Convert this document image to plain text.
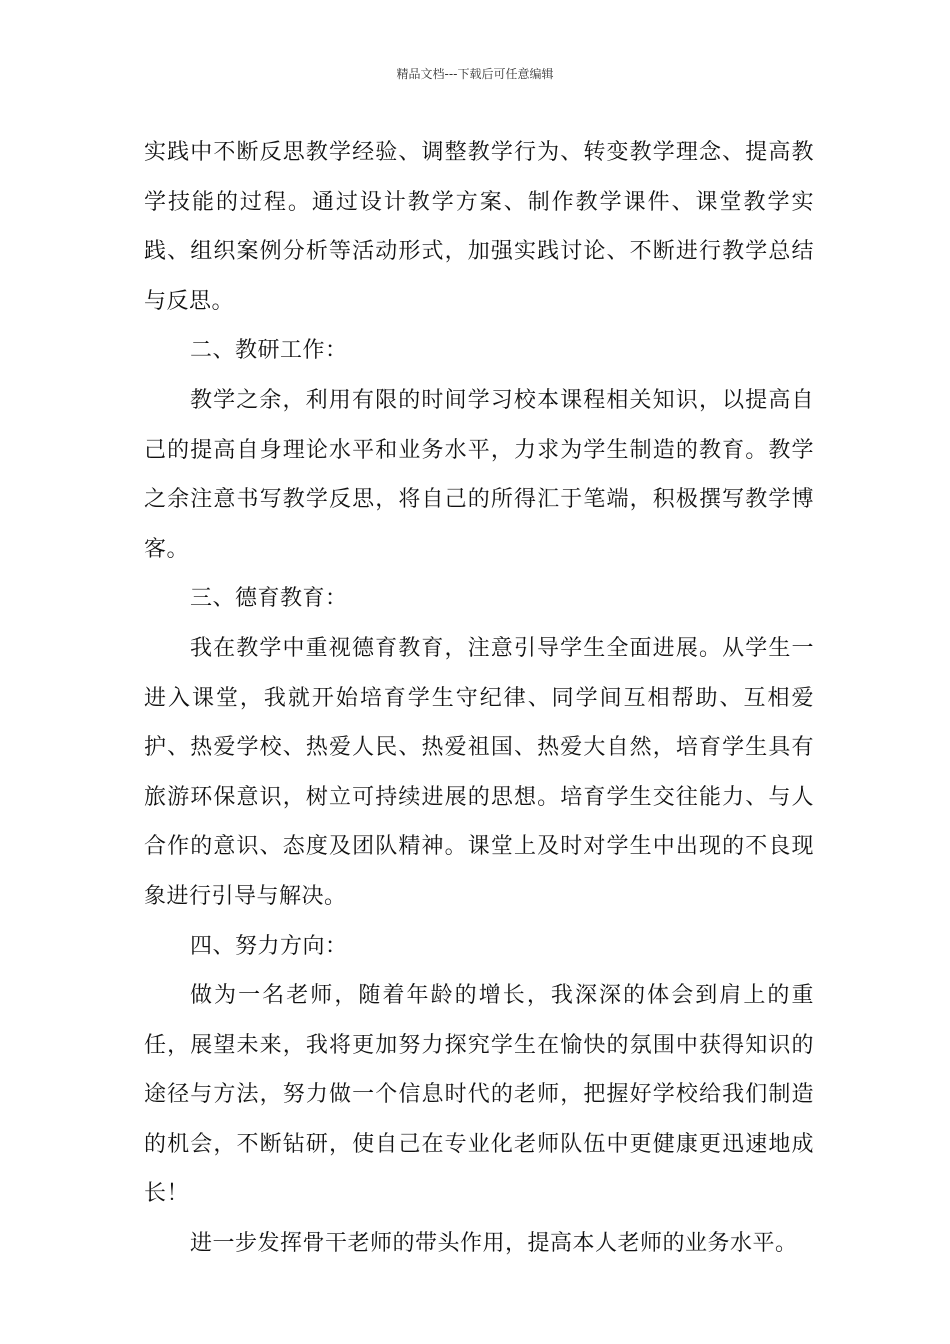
精品文档---下载后可任意编辑

实践中不断反思教学经验、调整教学行为、转变教学理念、提高教学技能的过程。通过设计教学方案、制作教学课件、课堂教学实践、组织案例分析等活动形式，加强实践讨论、不断进行教学总结与反思。

二、教研工作：

教学之余，利用有限的时间学习校本课程相关知识，以提高自己的提高自身理论水平和业务水平，力求为学生制造的教育。教学之余注意书写教学反思，将自己的所得汇于笔端，积极撰写教学博客。

三、德育教育：

我在教学中重视德育教育，注意引导学生全面进展。从学生一进入课堂，我就开始培育学生守纪律、同学间互相帮助、互相爱护、热爱学校、热爱人民、热爱祖国、热爱大自然，培育学生具有旅游环保意识，树立可持续进展的思想。培育学生交往能力、与人合作的意识、态度及团队精神。课堂上及时对学生中出现的不良现象进行引导与解决。

四、努力方向：

做为一名老师，随着年龄的增长，我深深的体会到肩上的重任，展望未来，我将更加努力探究学生在愉快的氛围中获得知识的途径与方法，努力做一个信息时代的老师，把握好学校给我们制造的机会，不断钻研，使自己在专业化老师队伍中更健康更迅速地成长！

进一步发挥骨干老师的带头作用，提高本人老师的业务水平。
